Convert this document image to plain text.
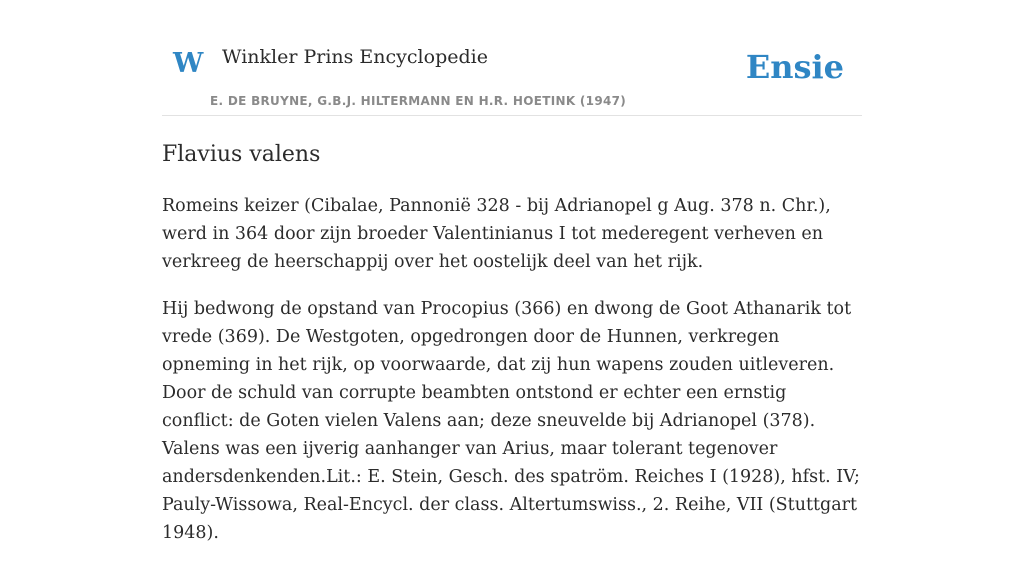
W Winkler Prins Encyclopedie
E. DE BRUYNE, G.B.J. HILTERMANN EN H.R. HOETINK (1947)
Ensie
Flavius valens

Romeins keizer (Cibalae, Pannonië 328 - bij Adrianopel g Aug. 378 n. Chr.), werd in 364 door zijn broeder Valentinianus I tot mederegent verheven en verkreeg de heerschappij over het oostelijk deel van het rijk.

Hij bedwong de opstand van Procopius (366) en dwong de Goot Athanarik tot vrede (369). De Westgoten, opgedrongen door de Hunnen, verkregen opneming in het rijk, op voorwaarde, dat zij hun wapens zouden uitleveren. Door de schuld van corrupte beambten ontstond er echter een ernstig conflict: de Goten vielen Valens aan; deze sneuvelde bij Adrianopel (378). Valens was een ijverig aanhanger van Arius, maar tolerant tegenover andersdenkenden.Lit.: E. Stein, Gesch. des spatröm. Reiches I (1928), hfst. IV; Pauly-Wissowa, Real-Encycl. der class. Altertumswiss., 2. Reihe, VII (Stuttgart 1948).
